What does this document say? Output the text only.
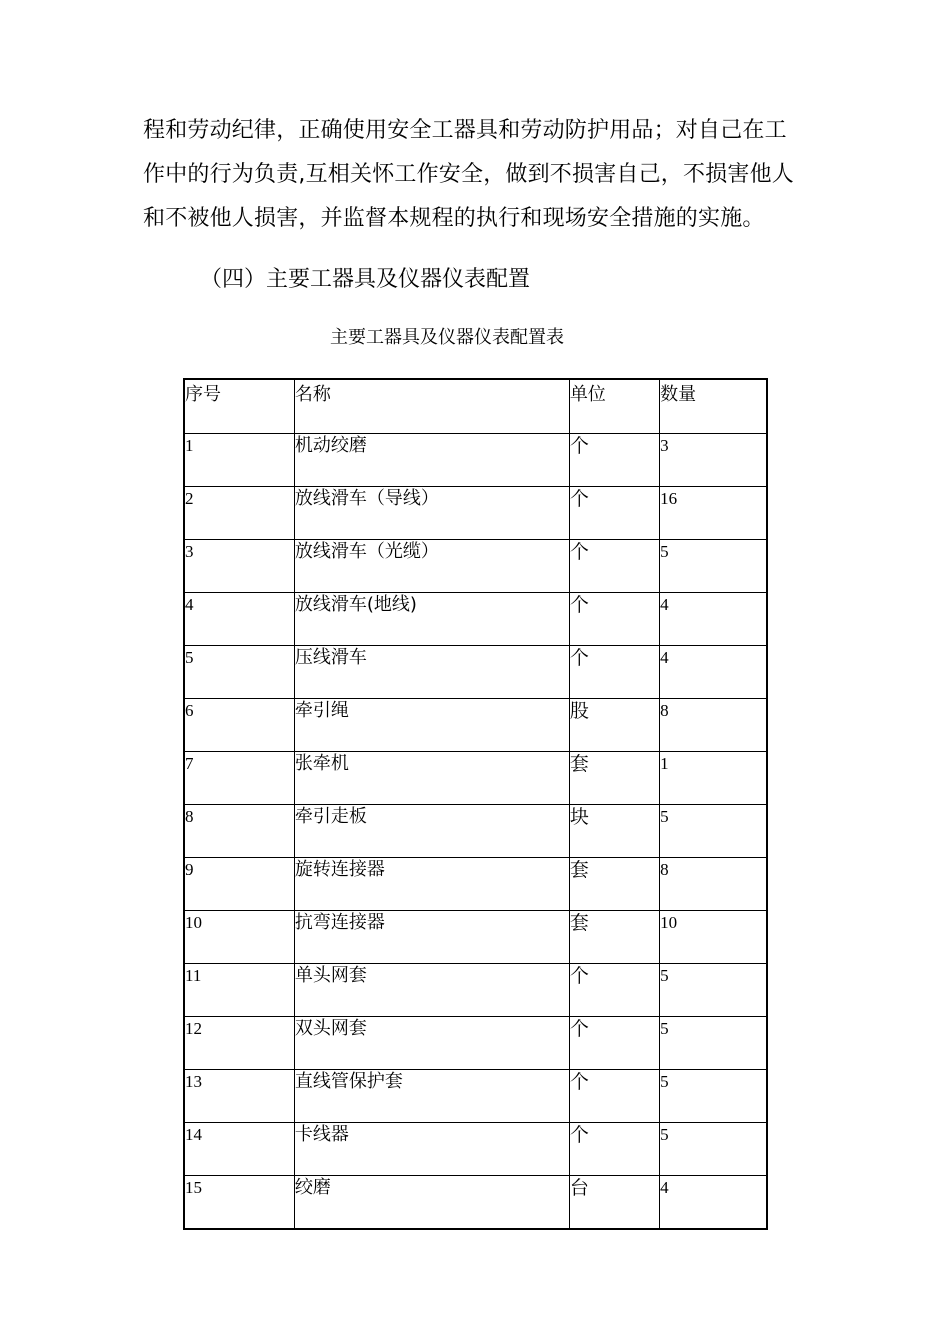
程和劳动纪律，正确使用安全工器具和劳动防护用品；对自己在工
作中的行为负责,互相关怀工作安全，做到不损害自己，不损害他人
和不被他人损害，并监督本规程的执行和现场安全措施的实施。
（四）主要工器具及仪器仪表配置
主要工器具及仪器仪表配置表
序号	名称	单位	数量
1	机动绞磨	个	3
2	放线滑车（导线）	个	16
3	放线滑车（光缆）	个	5
4	放线滑车(地线)	个	4
5	压线滑车	个	4
6	牵引绳	股	8
7	张牵机	套	1
8	牵引走板	块	5
9	旋转连接器	套	8
10	抗弯连接器	套	10
11	单头网套	个	5
12	双头网套	个	5
13	直线管保护套	个	5
14	卡线器	个	5
15	绞磨	台	4
